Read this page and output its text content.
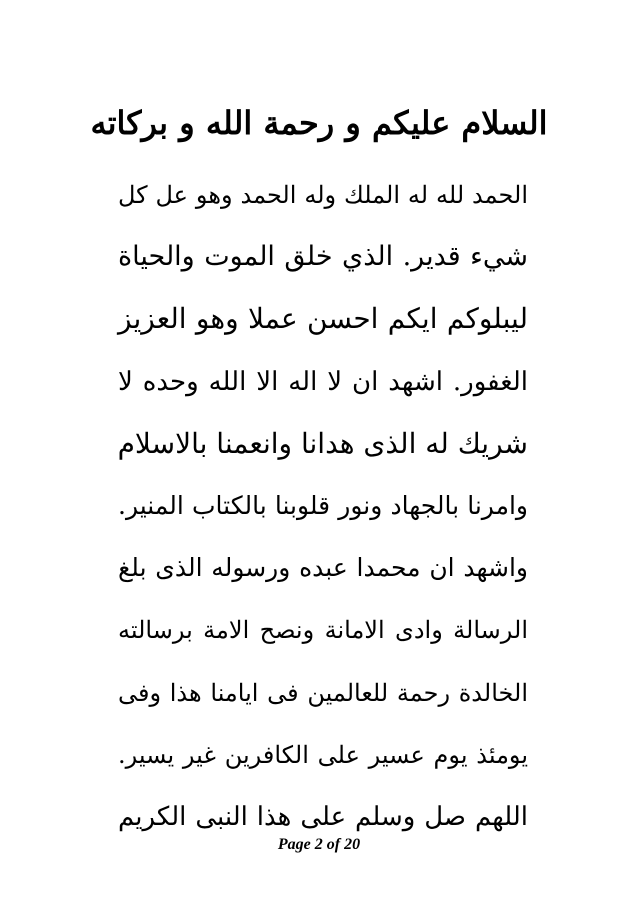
السلام عليكم و رحمة الله و بركاته
الحمد لله له الملك وله الحمد وهو عل كل
شيء قدير. الذي خلق الموت والحياة
ليبلوكم ايكم احسن عملا وهو العزيز
الغفور. اشهد ان لا اله الا الله وحده لا
شريك له الذى هدانا وانعمنا بالاسلام
وامرنا بالجهاد ونور قلوبنا بالكتاب المنير.
واشهد ان محمدا عبده ورسوله الذى بلغ
الرسالة وادى الامانة ونصح الامة برسالته
الخالدة رحمة للعالمين فى ايامنا هذا وفى
يومئذ يوم عسير على الكافرين غير يسير.
اللهم صل وسلم على هذا النبى الكريم
Page 2 of 20
